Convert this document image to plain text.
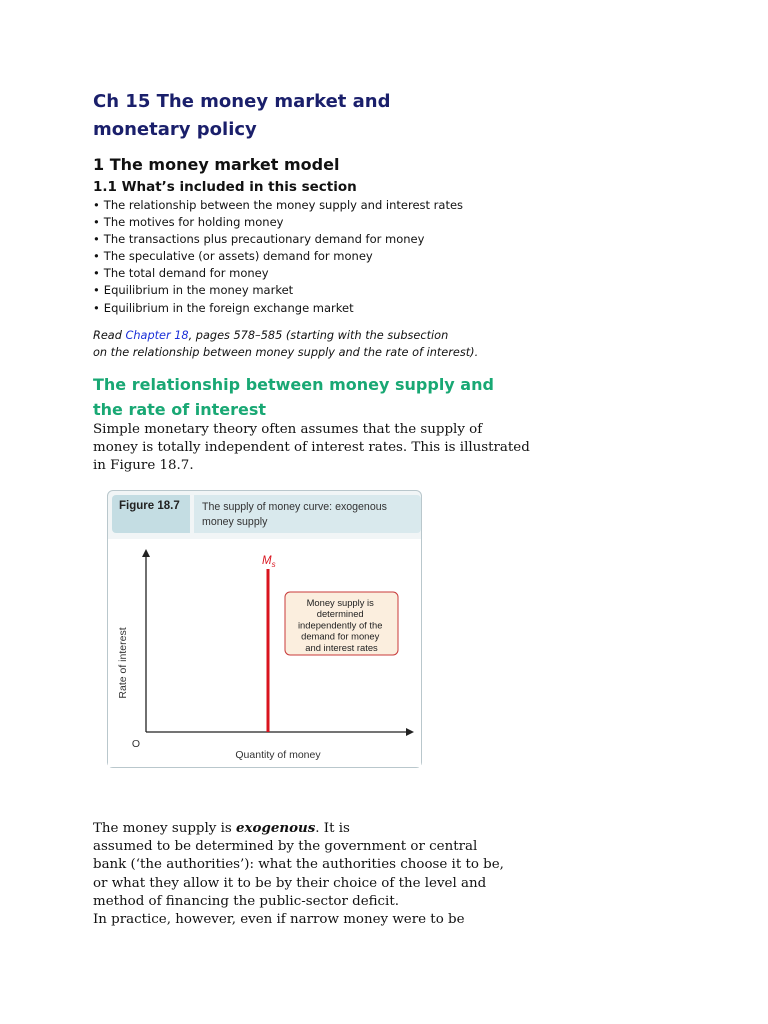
Ch 15 The money market and
monetary policy
1 The money market model
1.1 What’s included in this section
• The relationship between the money supply and interest rates
• The motives for holding money
• The transactions plus precautionary demand for money
• The speculative (or assets) demand for money
• The total demand for money
• Equilibrium in the money market
• Equilibrium in the foreign exchange market

Read Chapter 18, pages 578–585 (starting with the subsection
on the relationship between money supply and the rate of interest).

The relationship between money supply and
the rate of interest

Simple monetary theory often assumes that the supply of
money is totally independent of interest rates. This is illustrated
in Figure 18.7.

Figure 18.7	The supply of money curve: exogenous
money supply
Rate of interest
Quantity of money
O
$M_s$
Money supply is determined independently of the demand for money and interest rates

The money supply is exogenous. It is
assumed to be determined by the government or central
bank (‘the authorities’): what the authorities choose it to be,
or what they allow it to be by their choice of the level and
method of financing the public-sector deficit.
In practice, however, even if narrow money were to be
